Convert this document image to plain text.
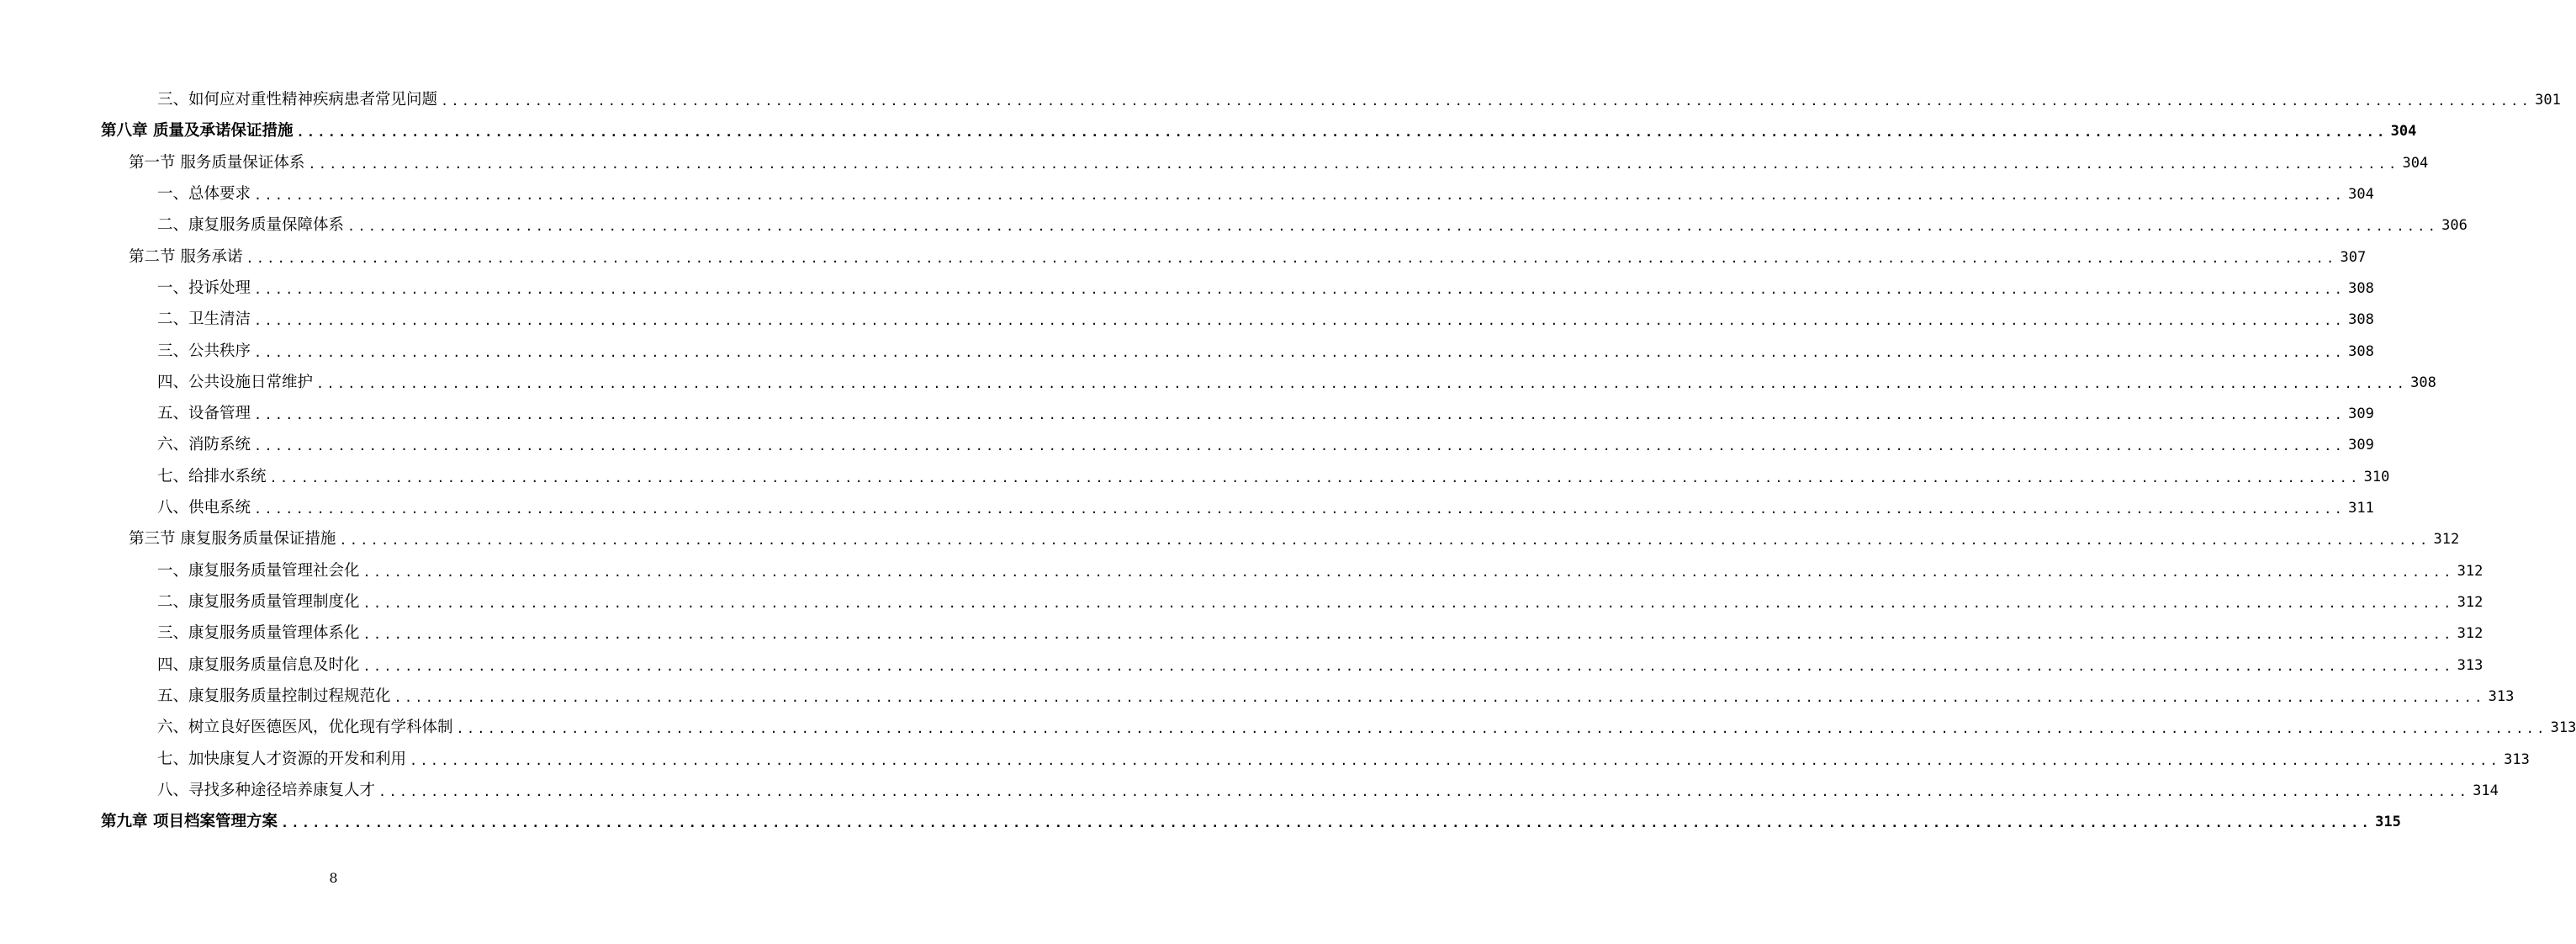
三、如何应对重性精神疾病患者常见问题 ........................................................................................................................................................................................................ 301
第八章 质量及承诺保证措施 ........................................................................................................................................................................................................ 304
第一节 服务质量保证体系 ........................................................................................................................................................................................................ 304
一、总体要求 ........................................................................................................................................................................................................ 304
二、康复服务质量保障体系 ........................................................................................................................................................................................................ 306
第二节 服务承诺 ........................................................................................................................................................................................................ 307
一、投诉处理 ........................................................................................................................................................................................................ 308
二、卫生清洁 ........................................................................................................................................................................................................ 308
三、公共秩序 ........................................................................................................................................................................................................ 308
四、公共设施日常维护 ........................................................................................................................................................................................................ 308
五、设备管理 ........................................................................................................................................................................................................ 309
六、消防系统 ........................................................................................................................................................................................................ 309
七、给排水系统 ........................................................................................................................................................................................................ 310
八、供电系统 ........................................................................................................................................................................................................ 311
第三节 康复服务质量保证措施 ........................................................................................................................................................................................................ 312
一、康复服务质量管理社会化 ........................................................................................................................................................................................................ 312
二、康复服务质量管理制度化 ........................................................................................................................................................................................................ 312
三、康复服务质量管理体系化 ........................................................................................................................................................................................................ 312
四、康复服务质量信息及时化 ........................................................................................................................................................................................................ 313
五、康复服务质量控制过程规范化 ........................................................................................................................................................................................................ 313
六、树立良好医德医风，优化现有学科体制 ........................................................................................................................................................................................................ 313
七、加快康复人才资源的开发和利用 ........................................................................................................................................................................................................ 313
八、寻找多种途径培养康复人才 ........................................................................................................................................................................................................ 314
第九章 项目档案管理方案 ........................................................................................................................................................................................................ 315
8
